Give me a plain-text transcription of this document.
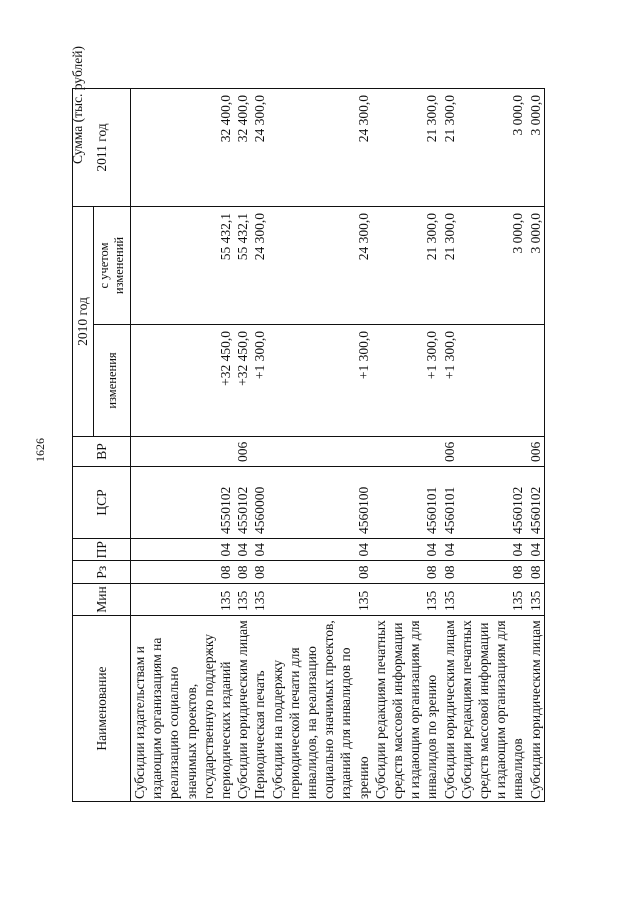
1626
Сумма (тыс. рублей)
Наименование	Мин	Рз	ПР	ЦСР	ВР	2010 год		2011 год
						изменения	с учетом изменений	

Субсидии издательствам и издающим организациям на реализацию социально значимых проектов, государственную поддержку периодических изданий	135	08	04	4550102		+32 450,0	55 432,1	32 400,0
Субсидии юридическим лицам	135	08	04	4550102	006	+32 450,0	55 432,1	32 400,0
Периодическая печать	135	08	04	4560000		+1 300,0	24 300,0	24 300,0
Субсидии на поддержку периодической печати для инвалидов, на реализацию социально значимых проектов, изданий для инвалидов по зрению	135	08	04	4560100		+1 300,0	24 300,0	24 300,0
Субсидии редакциям печатных средств массовой информации и издающим организациям для инвалидов по зрению	135	08	04	4560101		+1 300,0	21 300,0	21 300,0
Субсидии юридическим лицам	135	08	04	4560101	006	+1 300,0	21 300,0	21 300,0
Субсидии редакциям печатных средств массовой информации и издающим организациям для инвалидов	135	08	04	4560102			3 000,0	3 000,0
Субсидии юридическим лицам	135	08	04	4560102	006		3 000,0	3 000,0
